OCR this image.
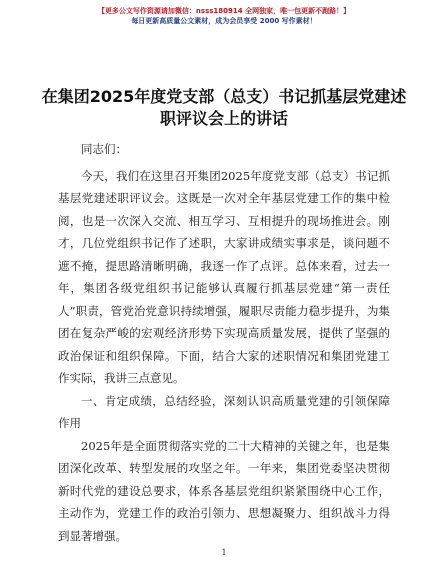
【更多公文写作资源请加微信：nsss180914 全网独家，唯一包更新不跑路！】
每日更新高质量公文素材，成为会员享受 2000 写作素材！
在集团2025年度党支部（总支）书记抓基层党建述职评议会上的讲话

同志们：

今天，我们在这里召开集团2025年度党支部（总支）书记抓基层党建述职评议会。这既是一次对全年基层党建工作的集中检阅，也是一次深入交流、相互学习、互相提升的现场推进会。刚才，几位党组织书记作了述职，大家讲成绩实事求是，谈问题不遮不掩，提思路清晰明确，我逐一作了点评。总体来看，过去一年，集团各级党组织书记能够认真履行抓基层党建“第一责任人”职责，管党治党意识持续增强，履职尽责能力稳步提升，为集团在复杂严峻的宏观经济形势下实现高质量发展，提供了坚强的政治保证和组织保障。下面，结合大家的述职情况和集团党建工作实际，我讲三点意见。

一、肯定成绩，总结经验，深刻认识高质量党建的引领保障作用

2025年是全面贯彻落实党的二十大精神的关键之年，也是集团深化改革、转型发展的攻坚之年。一年来，集团党委坚决贯彻新时代党的建设总要求，体系各基层党组织紧紧围绕中心工作，主动作为，党建工作的政治引领力、思想凝聚力、组织战斗力得到显著增强。

1
